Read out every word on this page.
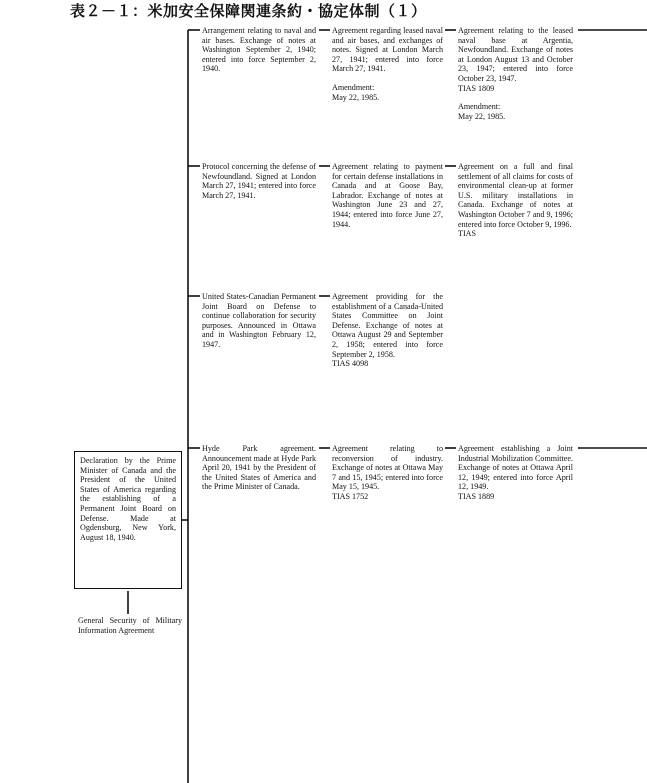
表２－１：米加安全保障関連条約・協定体制（１）

Declaration by the Prime Minister of Canada and the President of the United States of America regarding the establishing of a Permanent Joint Board on Defense. Made at Ogdensburg, New York, August 18, 1940.

General Security of Military Information Agreement

Arrangement relating to naval and air bases. Exchange of notes at Washington September 2, 1940; entered into force September 2, 1940.

Agreement regarding leased naval and air bases, and exchanges of notes. Signed at London March 27, 1941; entered into force March 27, 1941.

Amendment:

May 22, 1985.

Agreement relating to the leased naval base at Argentia, Newfoundland. Exchange of notes at London August 13 and October 23, 1947; entered into force October 23, 1947.

TIAS 1809

Amendment:

May 22, 1985.

Protocol concerning the defense of Newfoundland. Signed at London March 27, 1941; entered into force March 27, 1941.

Agreement relating to payment for certain defense installations in Canada and at Goose Bay, Labrador. Exchange of notes at Washington June 23 and 27, 1944; entered into force June 27, 1944.

Agreement on a full and final settlement of all claims for costs of environmental clean-up at former U.S. military installations in Canada. Exchange of notes at Washington October 7 and 9, 1996; entered into force October 9, 1996.

TIAS

United States-Canadian Permanent Joint Board on Defense to continue collaboration for security purposes. Announced in Ottawa and in Washington February 12, 1947.

Agreement providing for the establishment of a Canada-United States Committee on Joint Defense. Exchange of notes at Ottawa August 29 and September 2, 1958; entered into force September 2, 1958.

TIAS 4098

Hyde Park agreement. Announcement made at Hyde Park April 20, 1941 by the President of the United States of America and the Prime Minister of Canada.

Agreement relating to reconversion of industry. Exchange of notes at Ottawa May 7 and 15, 1945; entered into force May 15, 1945.

TIAS 1752

Agreement establishing a Joint Industrial Mobilization Committee. Exchange of notes at Ottawa April 12, 1949; entered into force April 12, 1949.

TIAS 1889
